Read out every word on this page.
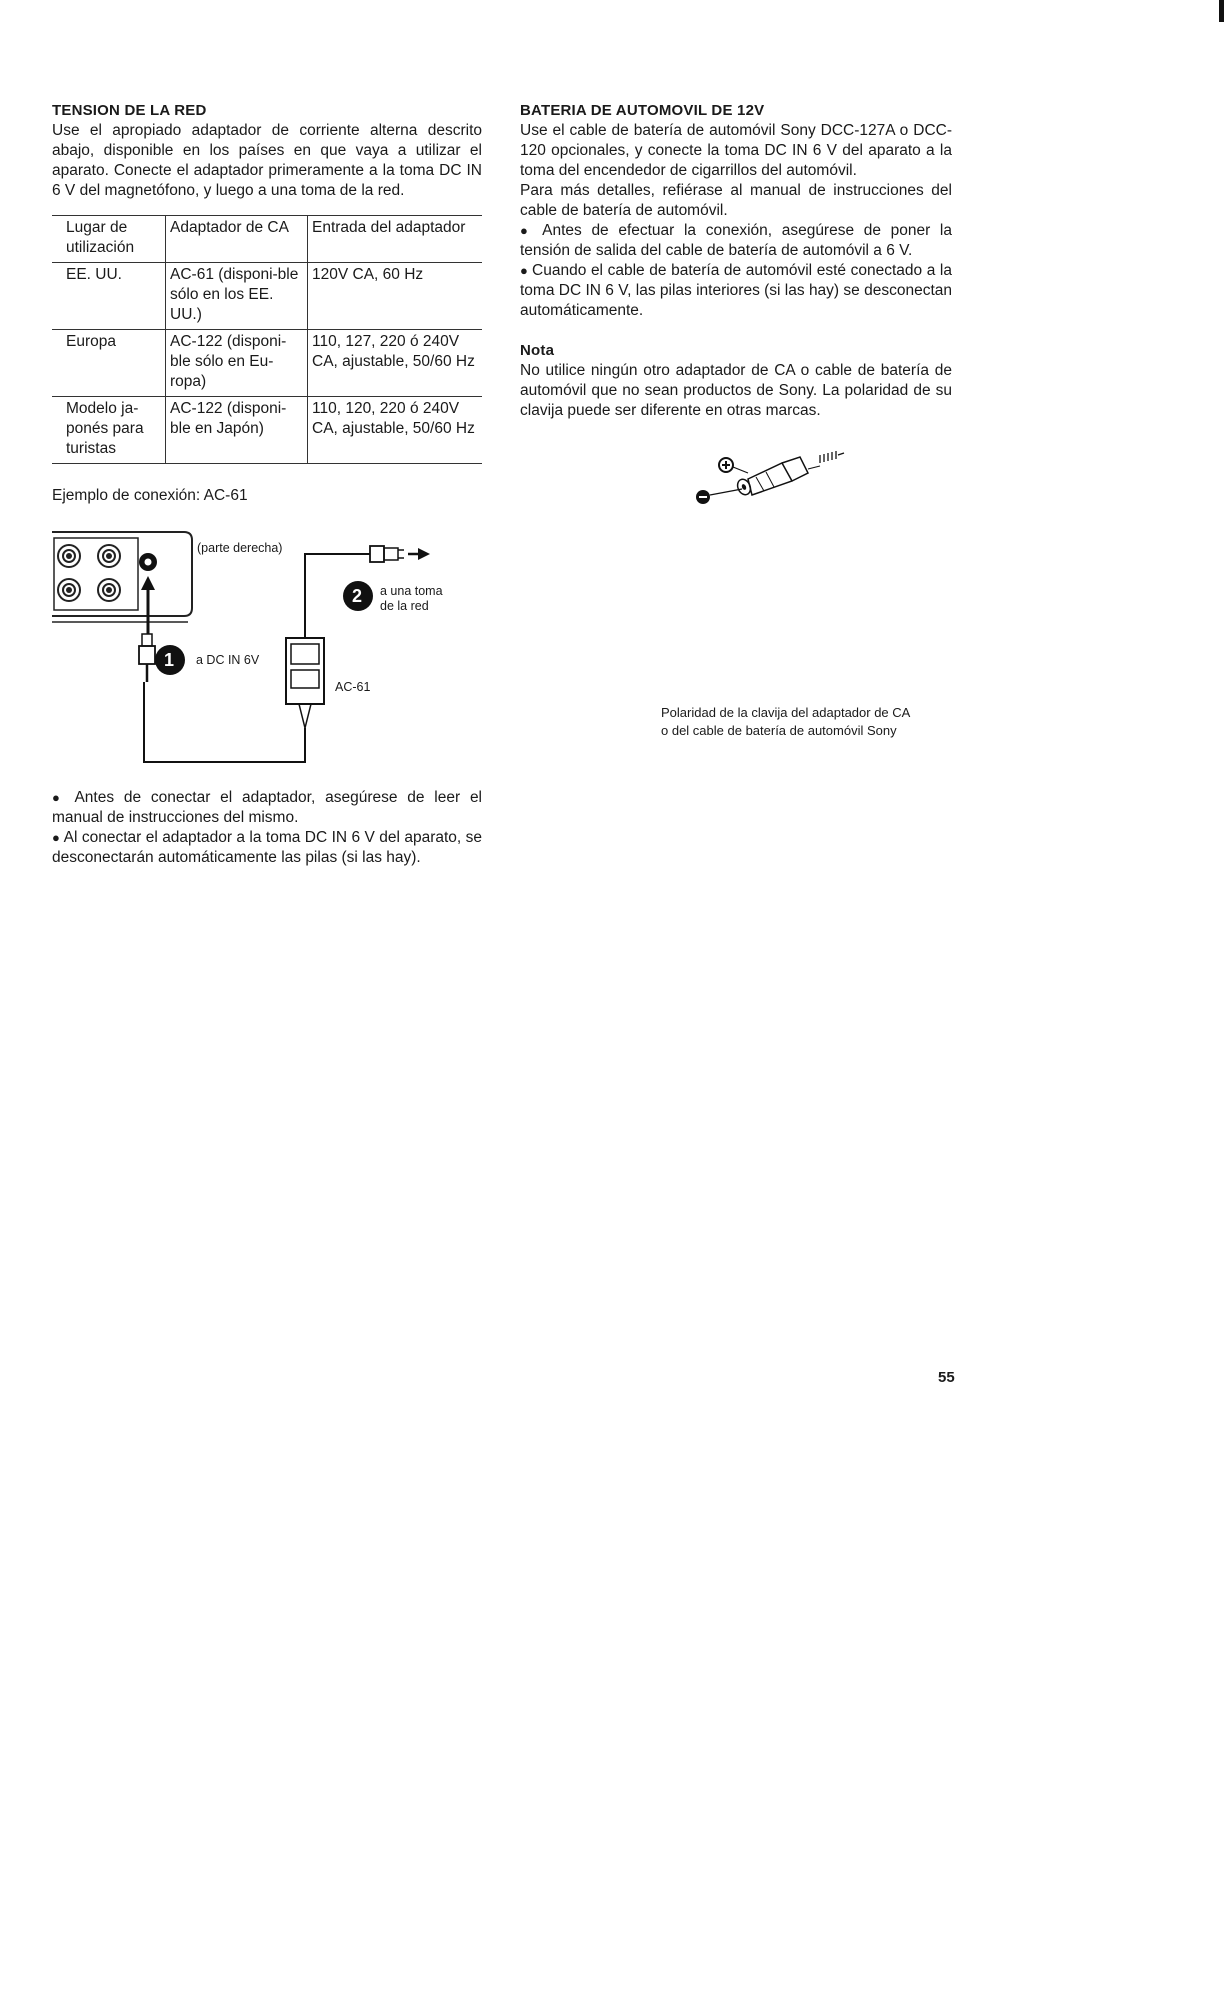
TENSION DE LA RED

Use el apropiado adaptador de corriente alterna descrito abajo, disponible en los países en que vaya a utilizar el aparato. Conecte el adaptador primeramente a la toma DC IN 6 V del magnetófono, y luego a una toma de la red.

Lugar de utilización	Adaptador de CA	Entrada del adaptador
EE. UU.	AC-61 (disponi-ble sólo en los EE. UU.)	120V CA, 60 Hz
Europa	AC-122 (disponi-ble sólo en Eu-ropa)	110, 127, 220 ó 240V CA, ajustable, 50/60 Hz
Modelo ja-ponés para turistas	AC-122 (disponi-ble en Japón)	110, 120, 220 ó 240V CA, ajustable, 50/60 Hz

Ejemplo de conexión: AC-61

(parte derecha)
1 a DC IN 6V
2 a una toma
de la red
AC-61

● Antes de conectar el adaptador, asegúrese de leer el manual de instrucciones del mismo.

● Al conectar el adaptador a la toma DC IN 6 V del aparato, se desconectarán automáticamente las pilas (si las hay).

BATERIA DE AUTOMOVIL DE 12V

Use el cable de batería de automóvil Sony DCC-127A o DCC-120 opcionales, y conecte la toma DC IN 6 V del aparato a la toma del encendedor de cigarrillos del automóvil.

Para más detalles, refiérase al manual de instrucciones del cable de batería de automóvil.

● Antes de efectuar la conexión, asegúrese de poner la tensión de salida del cable de batería de automóvil a 6 V.

● Cuando el cable de batería de automóvil esté conectado a la toma DC IN 6 V, las pilas interiores (si las hay) se desconectan automáticamente.

Nota

No utilice ningún otro adaptador de CA o cable de batería de automóvil que no sean productos de Sony. La polaridad de su clavija puede ser diferente en otras marcas.

Polaridad de la clavija del adaptador de CA
o del cable de batería de automóvil Sony
55
